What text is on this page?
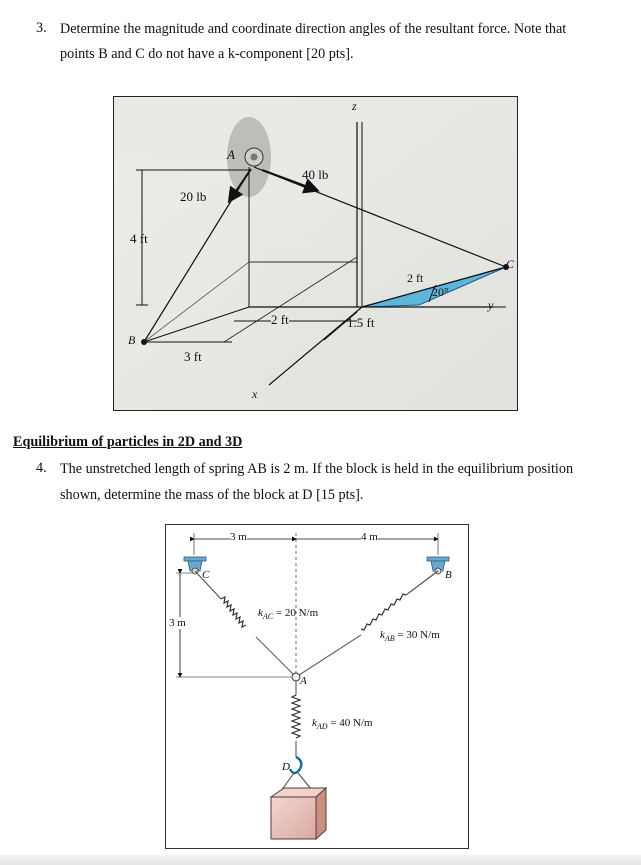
3. Determine the magnitude and coordinate direction angles of the resultant force. Note that
points B and C do not have a k-component [20 pts].
z
A
20 lb
40 lb
4 ft
2 ft	1.5 ft
3 ft
2 ft
20°
B
C
y
x
Equilibrium of particles in 2D and 3D
4. The unstretched length of spring AB is 2 m. If the block is held in the equilibrium position
shown, determine the mass of the block at D [15 pts].
3 m	4 m
3 m
C	B
A
D
$k_{AC} = 20$ N/m
$k_{AB} = 30$ N/m
$k_{AD} = 40$ N/m
